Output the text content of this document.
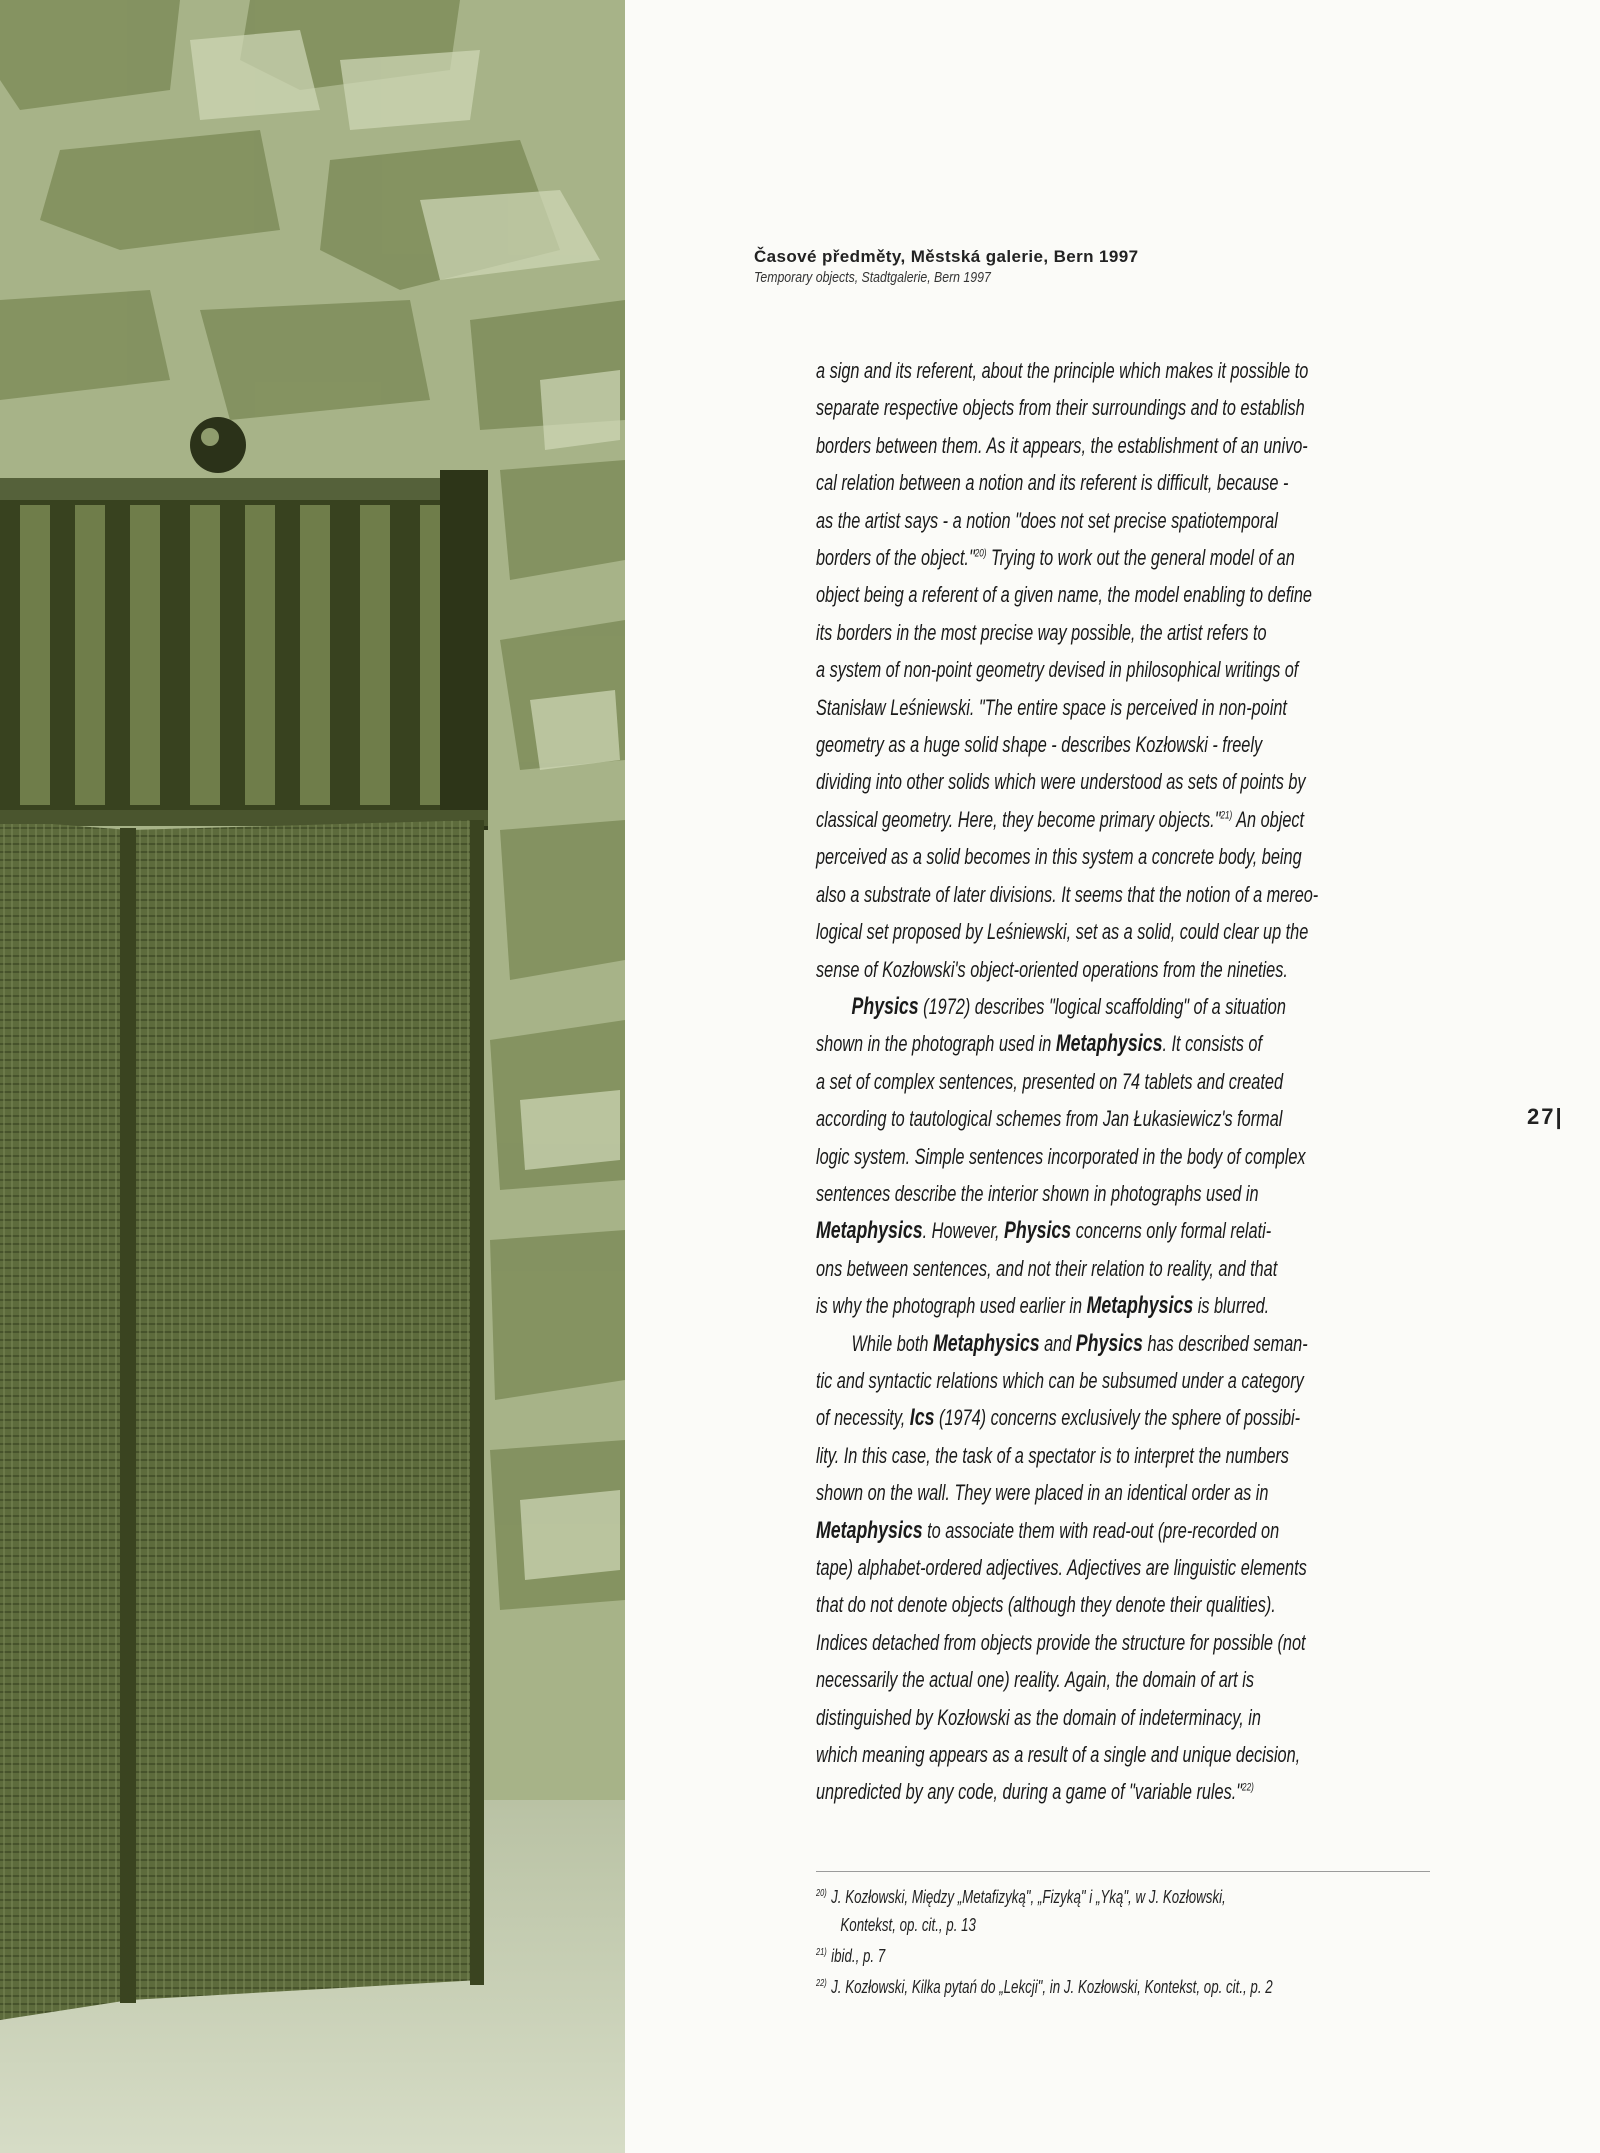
Časové předměty, Městská galerie, Bern 1997
Temporary objects, Stadtgalerie, Bern 1997
a sign and its referent, about the principle which makes it possible to
separate respective objects from their surroundings and to establish
borders between them. As it appears, the establishment of an univo-
cal relation between a notion and its referent is difficult, because -
as the artist says - a notion "does not set precise spatiotemporal
borders of the object."$^{20)}$ Trying to work out the general model of an
object being a referent of a given name, the model enabling to define
its borders in the most precise way possible, the artist refers to
a system of non-point geometry devised in philosophical writings of
Stanisław Leśniewski. "The entire space is perceived in non-point
geometry as a huge solid shape - describes Kozłowski - freely
dividing into other solids which were understood as sets of points by
classical geometry. Here, they become primary objects."$^{21)}$ An object
perceived as a solid becomes in this system a concrete body, being
also a substrate of later divisions. It seems that the notion of a mereo-
logical set proposed by Leśniewski, set as a solid, could clear up the
sense of Kozłowski's object-oriented operations from the nineties.
Physics (1972) describes "logical scaffolding" of a situation
shown in the photograph used in Metaphysics. It consists of
a set of complex sentences, presented on 74 tablets and created
according to tautological schemes from Jan Łukasiewicz's formal
logic system. Simple sentences incorporated in the body of complex
sentences describe the interior shown in photographs used in
Metaphysics. However, Physics concerns only formal relati-
ons between sentences, and not their relation to reality, and that
is why the photograph used earlier in Metaphysics is blurred.
While both Metaphysics and Physics has described seman-
tic and syntactic relations which can be subsumed under a category
of necessity, Ics (1974) concerns exclusively the sphere of possibi-
lity. In this case, the task of a spectator is to interpret the numbers
shown on the wall. They were placed in an identical order as in
Metaphysics to associate them with read-out (pre-recorded on
tape) alphabet-ordered adjectives. Adjectives are linguistic elements
that do not denote objects (although they denote their qualities).
Indices detached from objects provide the structure for possible (not
necessarily the actual one) reality. Again, the domain of art is
distinguished by Kozłowski as the domain of indeterminacy, in
which meaning appears as a result of a single and unique decision,
unpredicted by any code, during a game of "variable rules."$^{22)}$
27|
$^{20)}$ J. Kozłowski, Między „Metafizyką", „Fizyką" i „Yką", w J. Kozłowski,
Kontekst, op. cit., p. 13
$^{21)}$ ibid., p. 7
$^{22)}$ J. Kozłowski, Kilka pytań do „Lekcji", in J. Kozłowski, Kontekst, op. cit., p. 2
